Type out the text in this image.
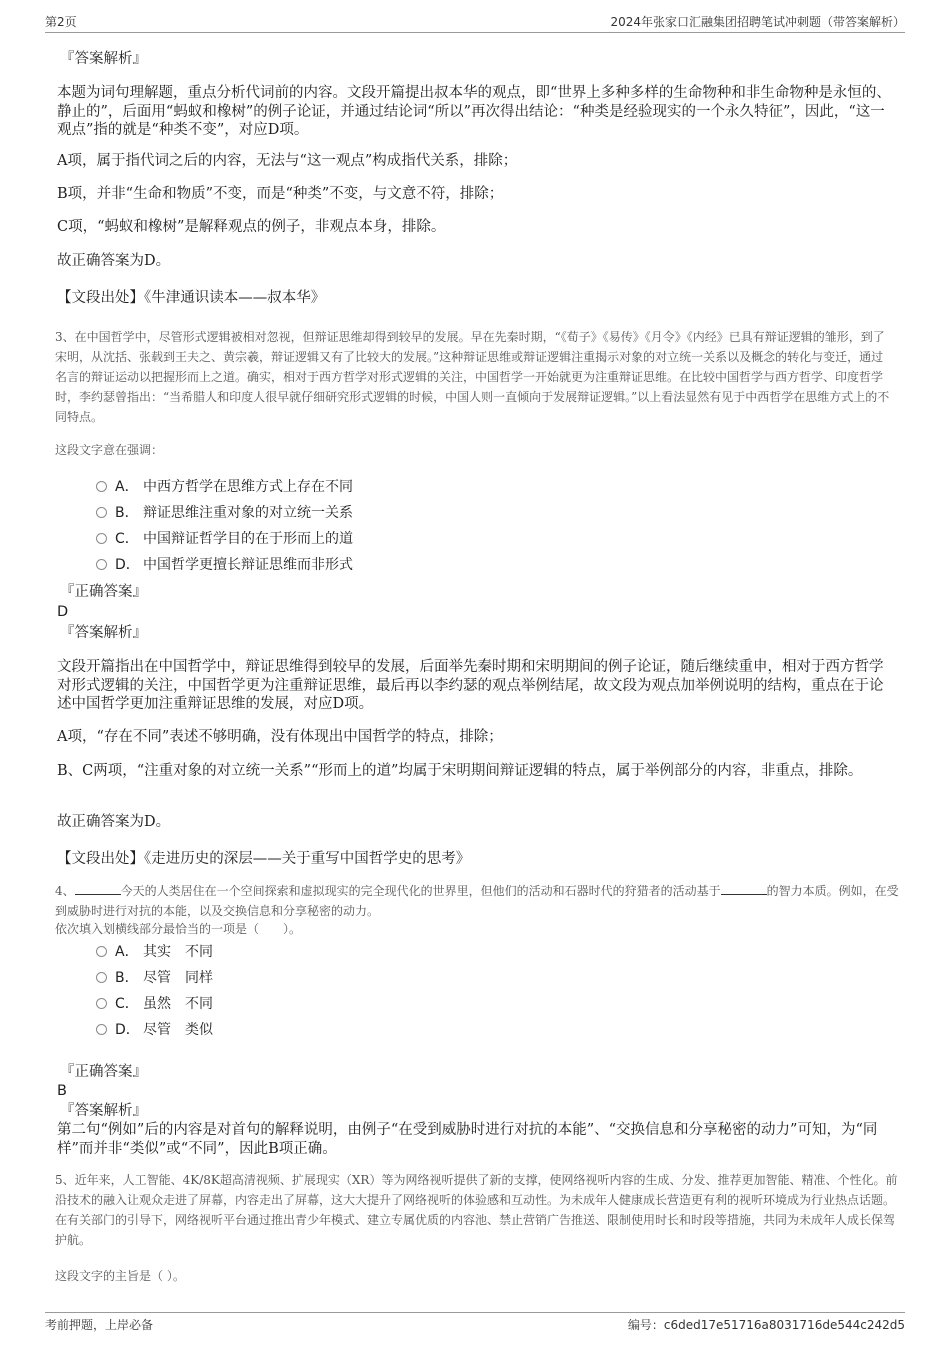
第2页	2024年张家口汇融集团招聘笔试冲刺题（带答案解析）
『答案解析』
本题为词句理解题，重点分析代词前的内容。文段开篇提出叔本华的观点，即“世界上多种多样的生命物种和非生命物种是永恒的、静止的”，后面用“蚂蚁和橡树”的例子论证，并通过结论词“所以”再次得出结论：“种类是经验现实的一个永久特征”，因此，“这一观点”指的就是“种类不变”，对应D项。
A项，属于指代词之后的内容，无法与“这一观点”构成指代关系，排除；
B项，并非“生命和物质”不变，而是“种类”不变，与文意不符，排除；
C项，“蚂蚁和橡树”是解释观点的例子，非观点本身，排除。
故正确答案为D。
【文段出处】《牛津通识读本——叔本华》
3、在中国哲学中，尽管形式逻辑被相对忽视，但辩证思维却得到较早的发展。早在先秦时期，“《荀子》《易传》《月令》《内经》已具有辩证逻辑的雏形，到了宋明，从沈括、张载到王夫之、黄宗羲，辩证逻辑又有了比较大的发展。”这种辩证思维或辩证逻辑注重揭示对象的对立统一关系以及概念的转化与变迁，通过名言的辩证运动以把握形而上之道。确实，相对于西方哲学对形式逻辑的关注，中国哲学一开始就更为注重辩证思维。在比较中国哲学与西方哲学、印度哲学时，李约瑟曾指出：“当希腊人和印度人很早就仔细研究形式逻辑的时候，中国人则一直倾向于发展辩证逻辑。”以上看法显然有见于中西哲学在思维方式上的不同特点。
这段文字意在强调：
A． 中西方哲学在思维方式上存在不同
B． 辩证思维注重对象的对立统一关系
C． 中国辩证哲学目的在于形而上的道
D． 中国哲学更擅长辩证思维而非形式
『正确答案』
D
『答案解析』
文段开篇指出在中国哲学中，辩证思维得到较早的发展，后面举先秦时期和宋明期间的例子论证，随后继续重申，相对于西方哲学对形式逻辑的关注，中国哲学更为注重辩证思维，最后再以李约瑟的观点举例结尾，故文段为观点加举例说明的结构，重点在于论述中国哲学更加注重辩证思维的发展，对应D项。
A项，“存在不同”表述不够明确，没有体现出中国哲学的特点，排除；
B、C两项，“注重对象的对立统一关系”“形而上的道”均属于宋明期间辩证逻辑的特点，属于举例部分的内容，非重点，排除。
故正确答案为D。
【文段出处】《走进历史的深层——关于重写中国哲学史的思考》
4、	今天的人类居住在一个空间探索和虚拟现实的完全现代化的世界里，但他们的活动和石器时代的狩猎者的活动基于	的智力本质。例如，在受到威胁时进行对抗的本能，以及交换信息和分享秘密的动力。
依次填入划横线部分最恰当的一项是（　　）。
A． 其实 不同
B． 尽管 同样
C． 虽然 不同
D． 尽管 类似
『正确答案』
B
『答案解析』
第二句“例如”后的内容是对首句的解释说明，由例子“在受到威胁时进行对抗的本能”、“交换信息和分享秘密的动力”可知，为“同样”而并非“类似”或“不同”，因此B项正确。
5、近年来，人工智能、4K/8K超高清视频、扩展现实（XR）等为网络视听提供了新的支撑，使网络视听内容的生成、分发、推荐更加智能、精准、个性化。前沿技术的融入让观众走进了屏幕，内容走出了屏幕，这大大提升了网络视听的体验感和互动性。为未成年人健康成长营造更有利的视听环境成为行业热点话题。在有关部门的引导下，网络视听平台通过推出青少年模式、建立专属优质的内容池、禁止营销广告推送、限制使用时长和时段等措施，共同为未成年人成长保驾护航。
这段文字的主旨是（ ）。
考前押题，上岸必备	编号：c6ded17e51716a8031716de544c242d5
